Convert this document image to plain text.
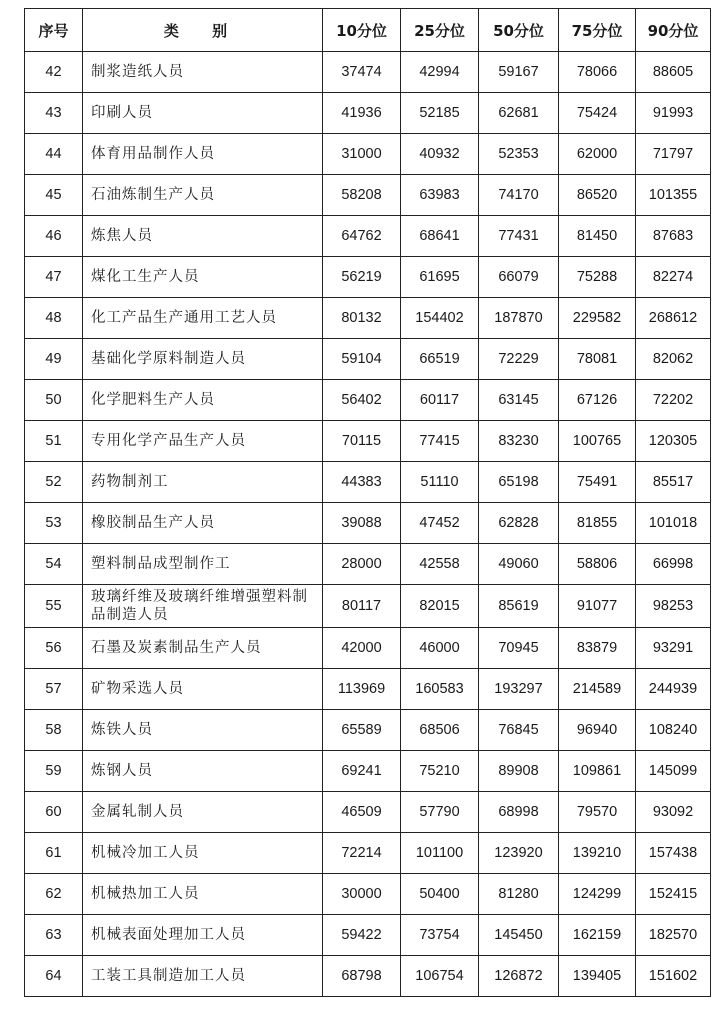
序号	类 别	10分位	25分位	50分位	75分位	90分位
42	制浆造纸人员	37474	42994	59167	78066	88605
43	印刷人员	41936	52185	62681	75424	91993
44	体育用品制作人员	31000	40932	52353	62000	71797
45	石油炼制生产人员	58208	63983	74170	86520	101355
46	炼焦人员	64762	68641	77431	81450	87683
47	煤化工生产人员	56219	61695	66079	75288	82274
48	化工产品生产通用工艺人员	80132	154402	187870	229582	268612
49	基础化学原料制造人员	59104	66519	72229	78081	82062
50	化学肥料生产人员	56402	60117	63145	67126	72202
51	专用化学产品生产人员	70115	77415	83230	100765	120305
52	药物制剂工	44383	51110	65198	75491	85517
53	橡胶制品生产人员	39088	47452	62828	81855	101018
54	塑料制品成型制作工	28000	42558	49060	58806	66998
55	玻璃纤维及玻璃纤维增强塑料制品制造人员	80117	82015	85619	91077	98253
56	石墨及炭素制品生产人员	42000	46000	70945	83879	93291
57	矿物采选人员	113969	160583	193297	214589	244939
58	炼铁人员	65589	68506	76845	96940	108240
59	炼钢人员	69241	75210	89908	109861	145099
60	金属轧制人员	46509	57790	68998	79570	93092
61	机械冷加工人员	72214	101100	123920	139210	157438
62	机械热加工人员	30000	50400	81280	124299	152415
63	机械表面处理加工人员	59422	73754	145450	162159	182570
64	工装工具制造加工人员	68798	106754	126872	139405	151602
